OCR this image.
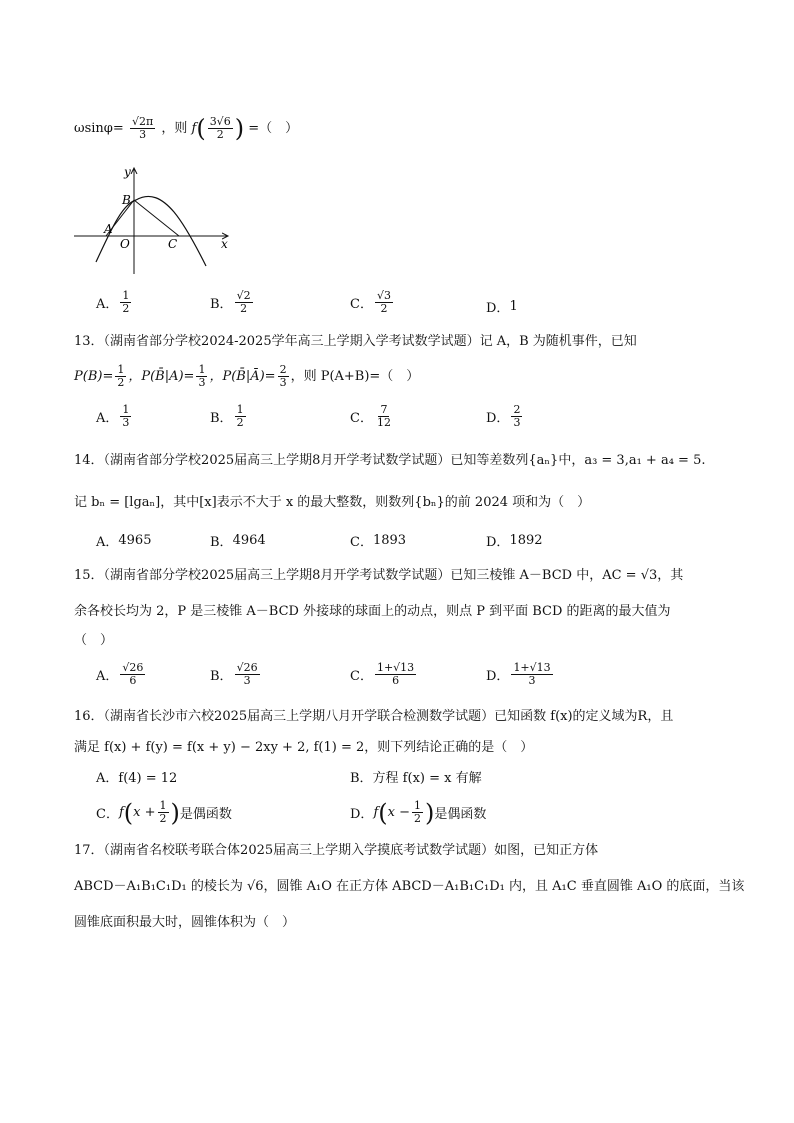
$\omega\sin\varphi= \frac{√2\pi}{3}$ ，则 $f( \frac{3√6}{2}$ ) =（　）
y
x
B
A
O	C
A． $\frac{1}{2}$	B． $\frac{√2}{2}$	C． $\frac{√3}{2}$	D． 1
13．（湖南省部分学校2024-2025学年高三上学期入学考试数学试题）记 A，B 为随机事件，已知
$P(B)= \frac{1}{2}$ ，P(B̄|A)= $\frac{1}{3}$ ，P(B̄|Ā)= $\frac{2}{3}$ ，则 P(A+B)=（　）
A． $\frac{1}{3}$	B． $\frac{1}{2}$	C． $\frac{7}{12}$	D． $\frac{2}{3}$
14．（湖南省部分学校2025届高三上学期8月开学考试数学试题）已知等差数列{aₙ}中，a₃ = 3,a₁ + a₄ = 5.
记 bₙ = [lgaₙ]，其中[x]表示不大于 x 的最大整数，则数列{bₙ}的前 2024 项和为（　）
A． 4965	B． 4964	C． 1893	D． 1892
15．（湖南省部分学校2025届高三上学期8月开学考试数学试题）已知三棱锥 A－BCD 中，AC = √3，其
余各校长均为 2，P 是三棱锥 A－BCD 外接球的球面上的动点，则点 P 到平面 BCD 的距离的最大值为
（　）
A． $\frac{√26}{6}$	B． $\frac{√26}{3}$	C． $\frac{1+√13}{6}$	D． $\frac{1+√13}{3}$
16．（湖南省长沙市六校2025届高三上学期八月开学联合检测数学试题）已知函数 f(x)的定义域为R，且
满足 f(x) + f(y) = f(x + y) − 2xy + 2, f(1) = 2，则下列结论正确的是（　）
A．f(4) = 12	B．方程 f(x) = x 有解
C． f ( $x + \frac{1}{2}$ ) 是偶函数	D． f ( $x - \frac{1}{2}$ ) 是偶函数
17．（湖南省名校联考联合体2025届高三上学期入学摸底考试数学试题）如图，已知正方体
ABCD－A₁B₁C₁D₁ 的棱长为 √6，圆锥 A₁O 在正方体 ABCD－A₁B₁C₁D₁ 内，且 A₁C 垂直圆锥 A₁O 的底面，当该
圆锥底面积最大时，圆锥体积为（　）
